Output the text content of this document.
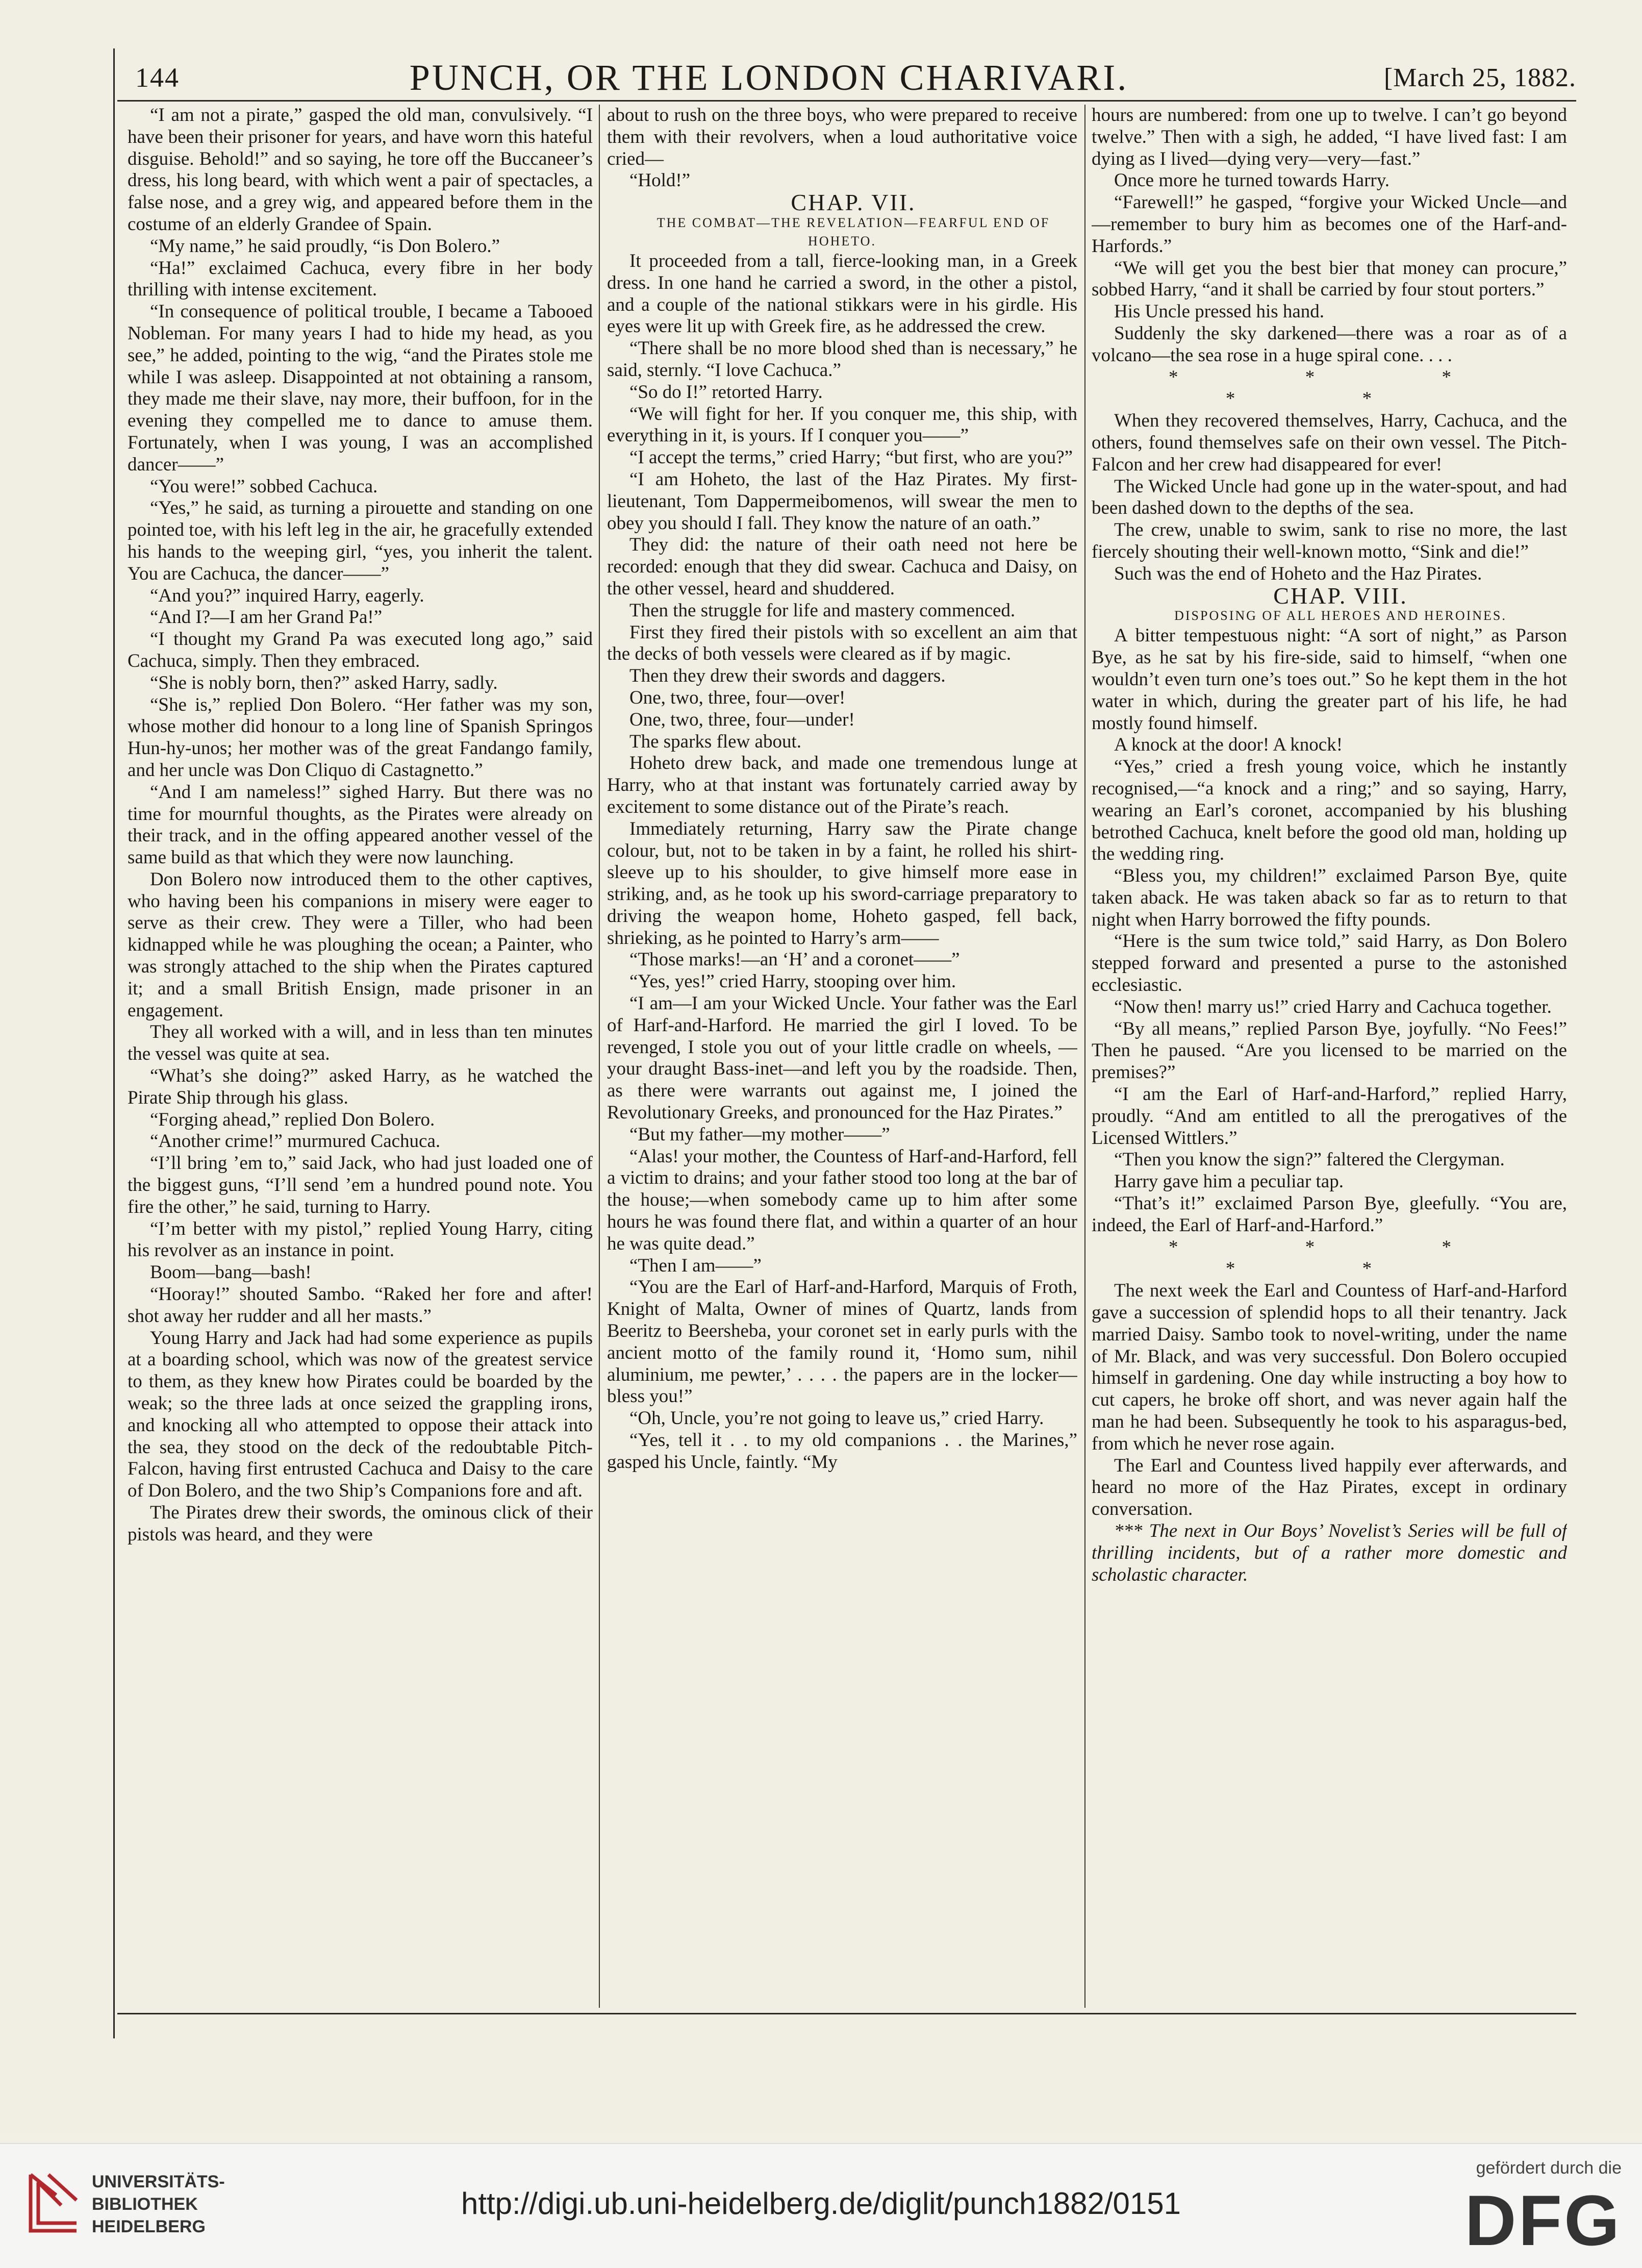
144	PUNCH, OR THE LONDON CHARIVARI.	[March 25, 1882.

“I am not a pirate,” gasped the old man, convulsively. “I have been their prisoner for years, and have worn this hateful disguise. Behold!” and so saying, he tore off the Buccaneer’s dress, his long beard, with which went a pair of spectacles, a false nose, and a grey wig, and appeared before them in the costume of an elderly Grandee of Spain.

“My name,” he said proudly, “is Don Bolero.”

“Ha!” exclaimed Cachuca, every fibre in her body thrilling with intense excitement.

“In consequence of political trouble, I became a Tabooed Nobleman. For many years I had to hide my head, as you see,” he added, pointing to the wig, “and the Pirates stole me while I was asleep. Disappointed at not obtaining a ransom, they made me their slave, nay more, their buffoon, for in the evening they compelled me to dance to amuse them. Fortunately, when I was young, I was an accomplished dancer——”

“You were!” sobbed Cachuca.

“Yes,” he said, as turning a pirouette and standing on one pointed toe, with his left leg in the air, he gracefully extended his hands to the weeping girl, “yes, you inherit the talent. You are Cachuca, the dancer——”

“And you?” inquired Harry, eagerly.

“And I?—I am her Grand Pa!”

“I thought my Grand Pa was executed long ago,” said Cachuca, simply. Then they embraced.

“She is nobly born, then?” asked Harry, sadly.

“She is,” replied Don Bolero. “Her father was my son, whose mother did honour to a long line of Spanish Springos Hun-hy-unos; her mother was of the great Fandango family, and her uncle was Don Cliquo di Castagnetto.”

“And I am nameless!” sighed Harry. But there was no time for mournful thoughts, as the Pirates were already on their track, and in the offing appeared another vessel of the same build as that which they were now launching.

Don Bolero now introduced them to the other captives, who having been his companions in misery were eager to serve as their crew. They were a Tiller, who had been kidnapped while he was ploughing the ocean; a Painter, who was strongly attached to the ship when the Pirates captured it; and a small British Ensign, made prisoner in an engagement.

They all worked with a will, and in less than ten minutes the vessel was quite at sea.

“What’s she doing?” asked Harry, as he watched the Pirate Ship through his glass.

“Forging ahead,” replied Don Bolero.

“Another crime!” murmured Cachuca.

“I’ll bring ’em to,” said Jack, who had just loaded one of the biggest guns, “I’ll send ’em a hundred pound note. You fire the other,” he said, turning to Harry.

“I’m better with my pistol,” replied Young Harry, citing his revolver as an instance in point.

Boom—bang—bash!

“Hooray!” shouted Sambo. “Raked her fore and after! shot away her rudder and all her masts.”

Young Harry and Jack had had some experience as pupils at a boarding school, which was now of the greatest service to them, as they knew how Pirates could be boarded by the weak; so the three lads at once seized the grappling irons, and knocking all who attempted to oppose their attack into the sea, they stood on the deck of the redoubtable Pitch-Falcon, having first entrusted Cachuca and Daisy to the care of Don Bolero, and the two Ship’s Companions fore and aft.

The Pirates drew their swords, the ominous click of their pistols was heard, and they were

about to rush on the three boys, who were prepared to receive them with their revolvers, when a loud authoritative voice cried—

“Hold!”

CHAP. VII.

THE COMBAT—THE REVELATION—FEARFUL END OF HOHETO.

It proceeded from a tall, fierce-looking man, in a Greek dress. In one hand he carried a sword, in the other a pistol, and a couple of the national stikkars were in his girdle. His eyes were lit up with Greek fire, as he addressed the crew.

“There shall be no more blood shed than is necessary,” he said, sternly. “I love Cachuca.”

“So do I!” retorted Harry.

“We will fight for her. If you conquer me, this ship, with everything in it, is yours. If I conquer you——”

“I accept the terms,” cried Harry; “but first, who are you?”

“I am Hoheto, the last of the Haz Pirates. My first-lieutenant, Tom Dappermeibomenos, will swear the men to obey you should I fall. They know the nature of an oath.”

They did: the nature of their oath need not here be recorded: enough that they did swear. Cachuca and Daisy, on the other vessel, heard and shuddered.

Then the struggle for life and mastery commenced.

First they fired their pistols with so excellent an aim that the decks of both vessels were cleared as if by magic.

Then they drew their swords and daggers.

One, two, three, four—over!

One, two, three, four—under!

The sparks flew about.

Hoheto drew back, and made one tremendous lunge at Harry, who at that instant was fortunately carried away by excitement to some distance out of the Pirate’s reach.

Immediately returning, Harry saw the Pirate change colour, but, not to be taken in by a faint, he rolled his shirt-sleeve up to his shoulder, to give himself more ease in striking, and, as he took up his sword-carriage preparatory to driving the weapon home, Hoheto gasped, fell back, shrieking, as he pointed to Harry’s arm——

“Those marks!—an ‘H’ and a coronet——”

“Yes, yes!” cried Harry, stooping over him.

“I am—I am your Wicked Uncle. Your father was the Earl of Harf-and-Harford. He married the girl I loved. To be revenged, I stole you out of your little cradle on wheels, —your draught Bass-inet—and left you by the roadside. Then, as there were warrants out against me, I joined the Revolutionary Greeks, and pronounced for the Haz Pirates.”

“But my father—my mother——”

“Alas! your mother, the Countess of Harf-and-Harford, fell a victim to drains; and your father stood too long at the bar of the house;—when somebody came up to him after some hours he was found there flat, and within a quarter of an hour he was quite dead.”

“Then I am——”

“You are the Earl of Harf-and-Harford, Marquis of Froth, Knight of Malta, Owner of mines of Quartz, lands from Beeritz to Beersheba, your coronet set in early purls with the ancient motto of the family round it, ‘Homo sum, nihil aluminium, me pewter,’ . . . . the papers are in the locker—bless you!”

“Oh, Uncle, you’re not going to leave us,” cried Harry.

“Yes, tell it . . to my old companions . . the Marines,” gasped his Uncle, faintly. “My

hours are numbered: from one up to twelve. I can’t go beyond twelve.” Then with a sigh, he added, “I have lived fast: I am dying as I lived—dying very—very—fast.”

Once more he turned towards Harry.

“Farewell!” he gasped, “forgive your Wicked Uncle—and—remember to bury him as becomes one of the Harf-and-Harfords.”

“We will get you the best bier that money can procure,” sobbed Harry, “and it shall be carried by four stout porters.”

His Uncle pressed his hand.

Suddenly the sky darkened—there was a roar as of a volcano—the sea rose in a huge spiral cone. . . .

* * * * *

When they recovered themselves, Harry, Cachuca, and the others, found themselves safe on their own vessel. The Pitch-Falcon and her crew had disappeared for ever!

The Wicked Uncle had gone up in the water-spout, and had been dashed down to the depths of the sea.

The crew, unable to swim, sank to rise no more, the last fiercely shouting their well-known motto, “Sink and die!”

Such was the end of Hoheto and the Haz Pirates.

CHAP. VIII.

DISPOSING OF ALL HEROES AND HEROINES.

A bitter tempestuous night: “A sort of night,” as Parson Bye, as he sat by his fire-side, said to himself, “when one wouldn’t even turn one’s toes out.” So he kept them in the hot water in which, during the greater part of his life, he had mostly found himself.

A knock at the door! A knock!

“Yes,” cried a fresh young voice, which he instantly recognised,—“a knock and a ring;” and so saying, Harry, wearing an Earl’s coronet, accompanied by his blushing betrothed Cachuca, knelt before the good old man, holding up the wedding ring.

“Bless you, my children!” exclaimed Parson Bye, quite taken aback. He was taken aback so far as to return to that night when Harry borrowed the fifty pounds.

“Here is the sum twice told,” said Harry, as Don Bolero stepped forward and presented a purse to the astonished ecclesiastic.

“Now then! marry us!” cried Harry and Cachuca together.

“By all means,” replied Parson Bye, joyfully. “No Fees!” Then he paused. “Are you licensed to be married on the premises?”

“I am the Earl of Harf-and-Harford,” replied Harry, proudly. “And am entitled to all the prerogatives of the Licensed Wittlers.”

“Then you know the sign?” faltered the Clergyman.

Harry gave him a peculiar tap.

“That’s it!” exclaimed Parson Bye, gleefully. “You are, indeed, the Earl of Harf-and-Harford.”

* * * * *

The next week the Earl and Countess of Harf-and-Harford gave a succession of splendid hops to all their tenantry. Jack married Daisy. Sambo took to novel-writing, under the name of Mr. Black, and was very successful. Don Bolero occupied himself in gardening. One day while instructing a boy how to cut capers, he broke off short, and was never again half the man he had been. Subsequently he took to his asparagus-bed, from which he never rose again.

The Earl and Countess lived happily ever afterwards, and heard no more of the Haz Pirates, except in ordinary conversation.

*** The next in Our Boys’ Novelist’s Series will be full of thrilling incidents, but of a rather more domestic and scholastic character.

UNIVERSITÄTS-
BIBLIOTHEK
HEIDELBERG
http://digi.ub.uni-heidelberg.de/diglit/punch1882/0151
gefördert durch die
DFG
